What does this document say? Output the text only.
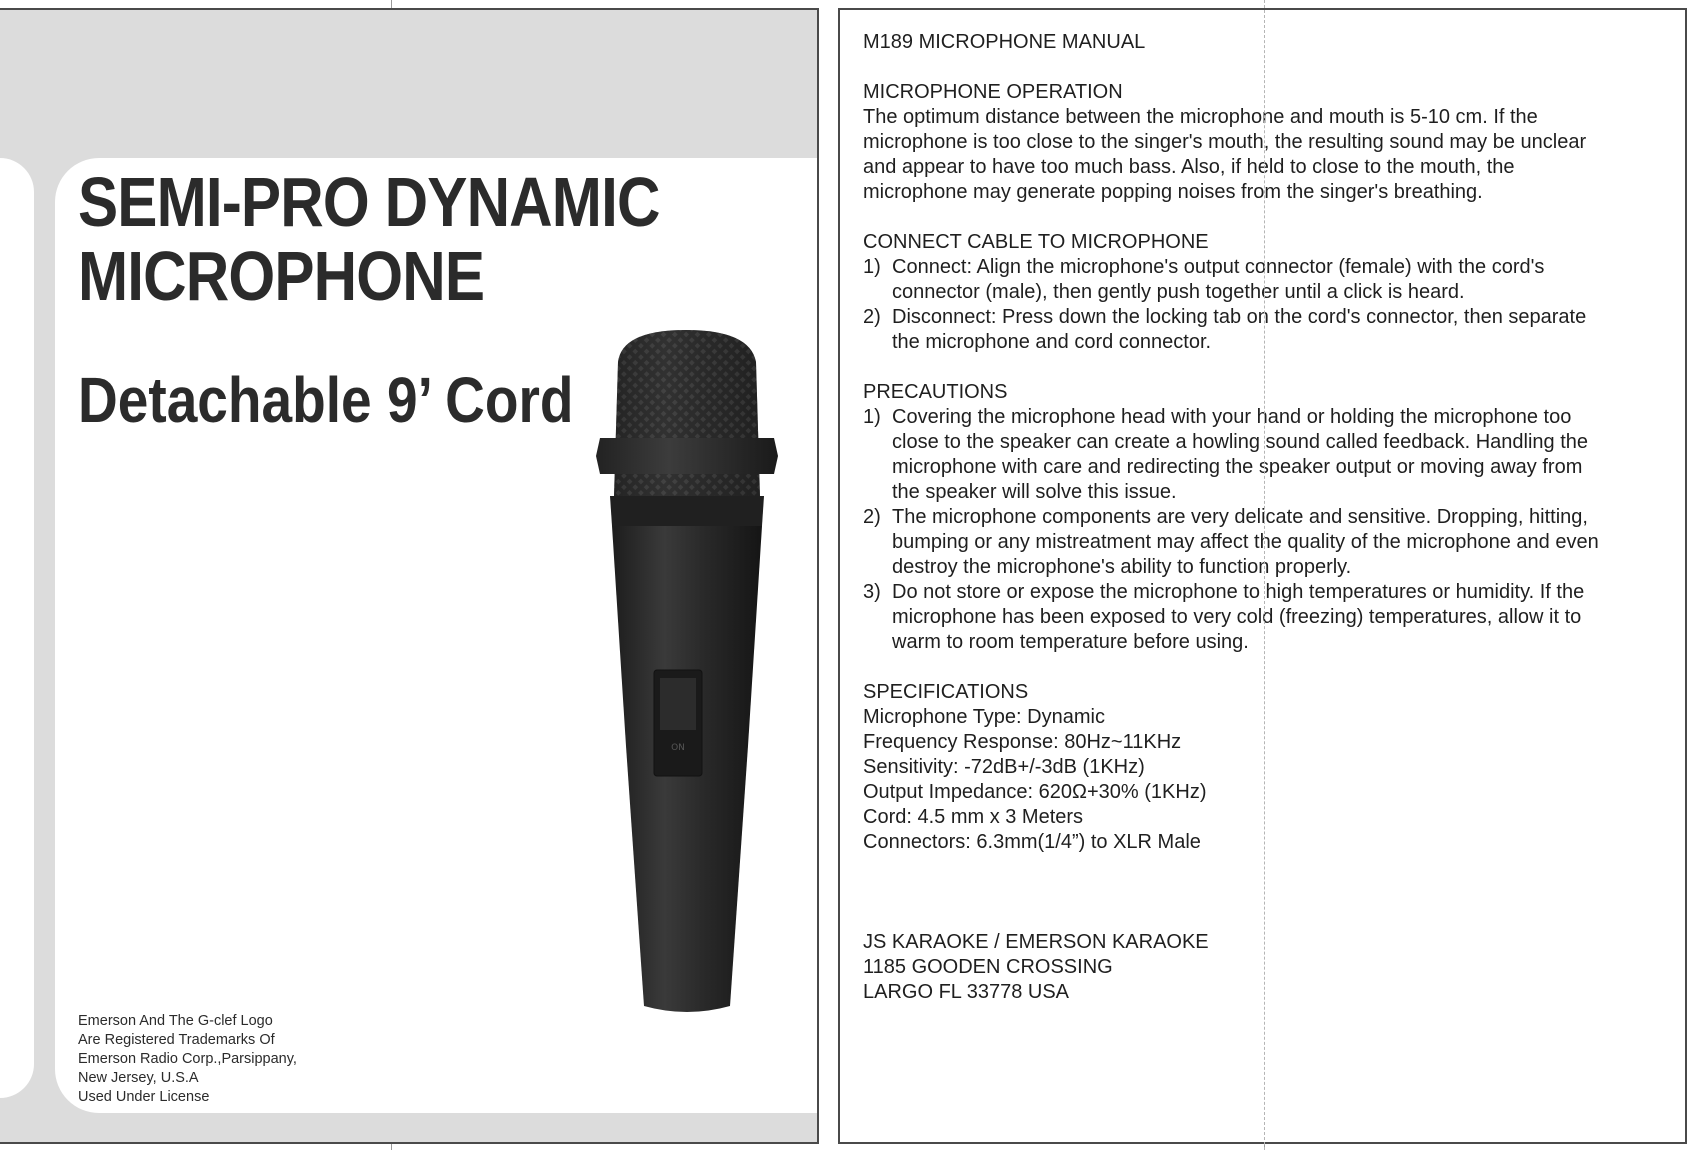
SEMI-PRO DYNAMIC
MICROPHONE
Detachable 9’ Cord
ON
Emerson And The G-clef Logo
Are Registered Trademarks Of
Emerson Radio Corp.,Parsippany,
New Jersey, U.S.A
Used Under License
M189 MICROPHONE MANUAL
MICROPHONE OPERATION
The optimum distance between the microphone and mouth is 5-10 cm. If the
microphone is too close to the singer's mouth, the resulting sound may be unclear
and appear to have too much bass. Also, if held to close to the mouth, the
microphone may generate popping noises from the singer's breathing.
CONNECT CABLE TO MICROPHONE
1) Connect: Align the microphone's output connector (female) with the cord's
connector (male), then gently push together until a click is heard.
2) Disconnect: Press down the locking tab on the cord's connector, then separate
the microphone and cord connector.
PRECAUTIONS
1) Covering the microphone head with your hand or holding the microphone too
close to the speaker can create a howling sound called feedback. Handling the
microphone with care and redirecting the speaker output or moving away from
the speaker will solve this issue.
2) The microphone components are very delicate and sensitive. Dropping, hitting,
bumping or any mistreatment may affect the quality of the microphone and even
destroy the microphone's ability to function properly.
3) Do not store or expose the microphone to high temperatures or humidity. If the
microphone has been exposed to very cold (freezing) temperatures, allow it to
warm to room temperature before using.
SPECIFICATIONS
Microphone Type: Dynamic
Frequency Response: 80Hz~11KHz
Sensitivity: -72dB+/-3dB (1KHz)
Output Impedance: 620Ω+30% (1KHz)
Cord: 4.5 mm x 3 Meters
Connectors: 6.3mm(1/4”) to XLR Male
JS KARAOKE / EMERSON KARAOKE
1185 GOODEN CROSSING
LARGO FL 33778 USA
